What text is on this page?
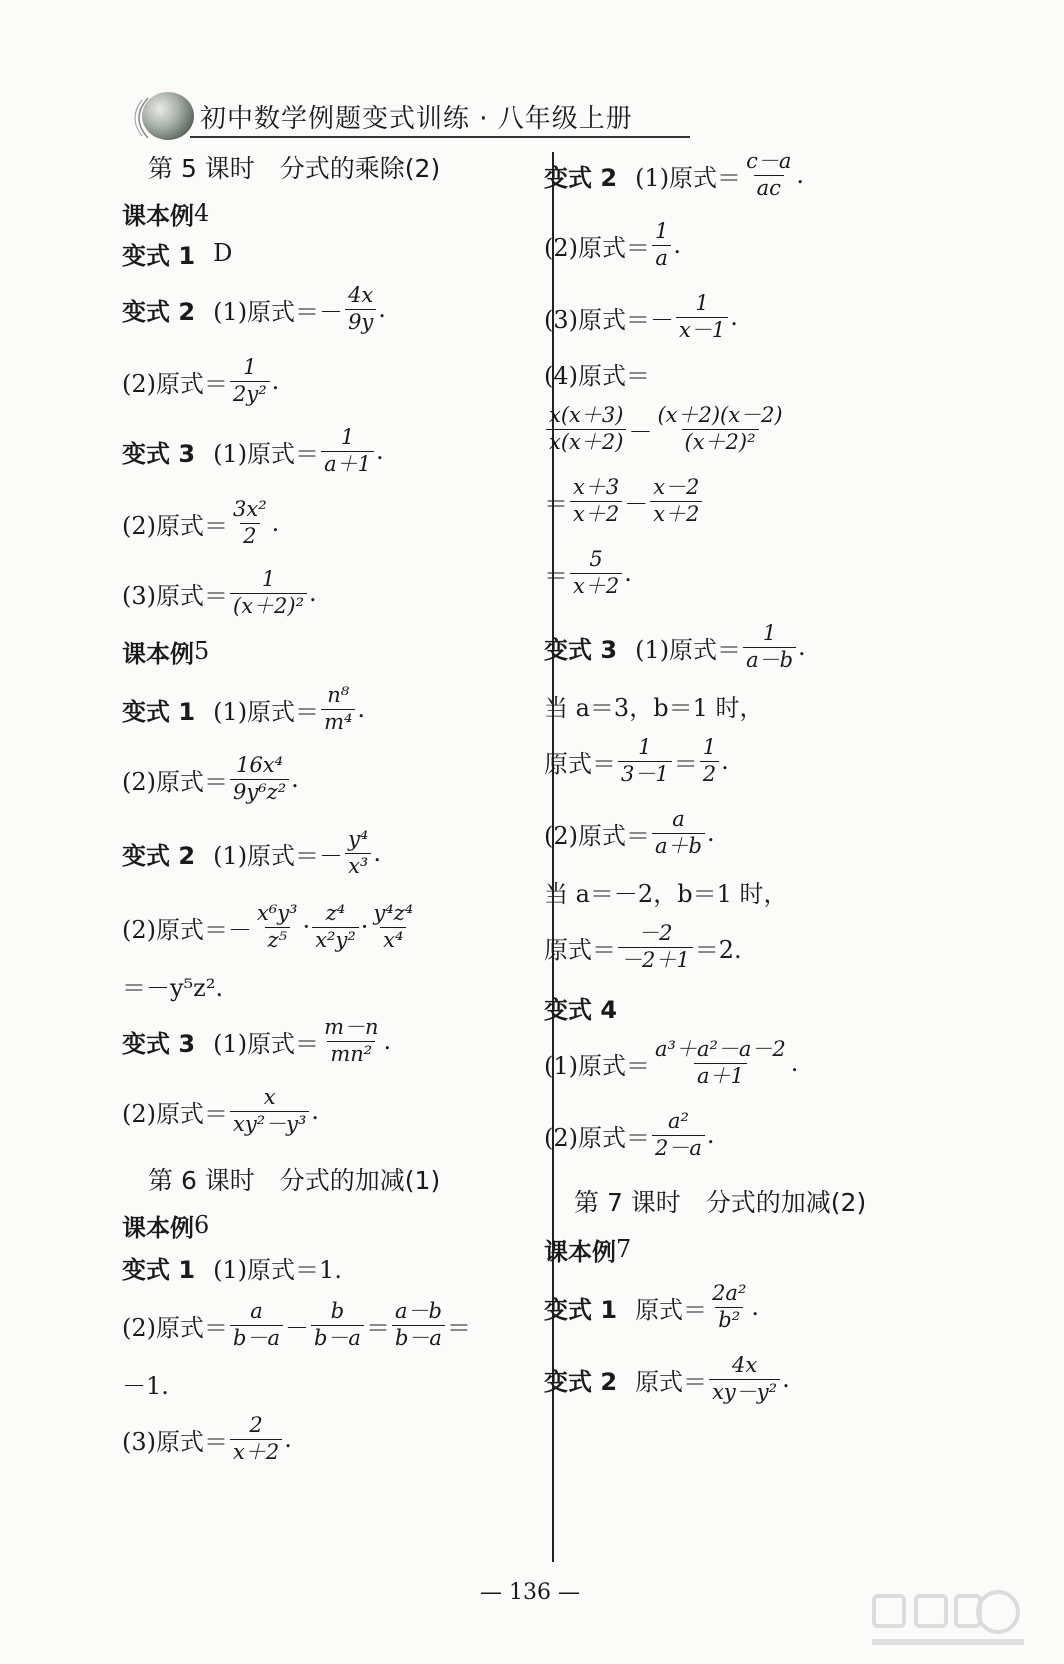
初中数学例题变式训练 · 八年级上册
第 5 课时　分式的乘除(2)
课本例 4
变式 1 D
变式 2 (1)原式＝－ $\frac{4x}{9y}$ .
(2)原式＝ $\frac{1}{\text{2y²}}$ .
变式 3 (1)原式＝ $\frac{1}{a+1}$ .
(2)原式＝ $\frac{\text{3x²}}{2}$ .
(3)原式＝ $\frac{1}{\text{(x＋2)²}}$ .
课本例 5
变式 1 (1)原式＝ $\frac{\text{n⁸}}{\text{m⁴}}$ .
(2)原式＝ $\frac{\text{16x⁴}}{\text{9y⁶z²}}$ .
变式 2 (1)原式＝－ $\frac{\text{y⁴}}{\text{x³}}$ .
(2)原式＝－ $\frac{\text{x⁶y³}}{\text{z⁵}} \cdot \frac{\text{z⁴}}{\text{x²y²}} \cdot \frac{\text{y⁴z⁴}}{\text{x⁴}}$
＝－y⁵z².
变式 3 (1)原式＝ $\frac{m-n}{\text{mn²}}$ .
(2)原式＝ $\frac{x}{\text{xy²－y³}}$ .
第 6 课时　分式的加减(1)
课本例 6
变式 1 (1)原式＝1.
(2)原式＝ $\frac{a}{b-a} - \frac{b}{b-a} = \frac{a-b}{b-a}$ ＝
－1.
(3)原式＝ $\frac{2}{x+2}$ .
变式 2 (1)原式＝ $\frac{c-a}{ac}$ .
(2)原式＝ $\frac{1}{a}$ .
(3)原式＝－ $\frac{1}{x-1}$ .
(4)原式＝
$\frac{x(x+3)}{x(x+2)} - \frac{(x+2)(x-2)}{\text{(x＋2)²}}$
＝ $\frac{x+3}{x+2} - \frac{x-2}{x+2}$
＝ $\frac{5}{x+2}$ .
变式 3 (1)原式＝ $\frac{1}{a-b}$ .
当 a＝3，b＝1 时，
原式＝ $\frac{1}{3-1} = \frac{1}{2}$ .
(2)原式＝ $\frac{a}{a+b}$ .
当 a＝－2，b＝1 时，
原式＝ $\frac{-2}{-2+1} =2$.
变式 4
(1)原式＝ $\frac{\text{a³＋a²－a－2}}{a+1}$ .
(2)原式＝ $\frac{\text{a²}}{2-a}$ .
第 7 课时　分式的加减(2)
课本例 7
变式 1 原式＝ $\frac{\text{2a²}}{\text{b²}}$ .
变式 2 原式＝ $\frac{4x}{\text{xy－y²}}$ .
— 136 —
